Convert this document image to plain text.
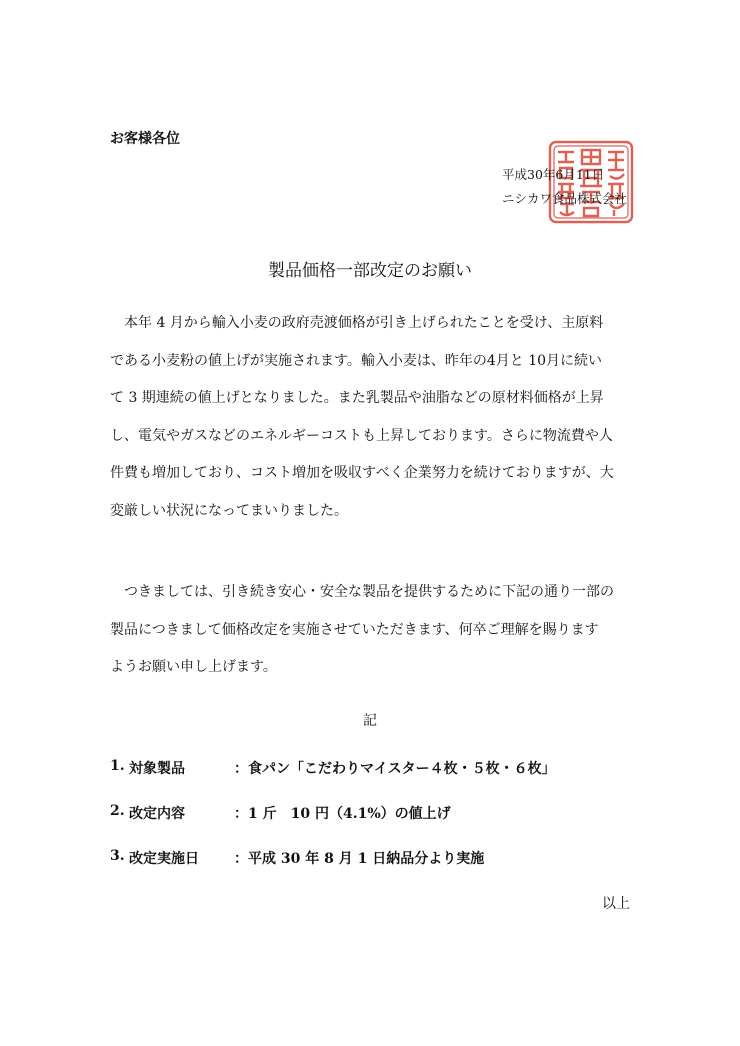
お客様各位

平成30年6月11日
ニシカワ食品株式会社
製品価格一部改定のお願い
本年 4 月から輸入小麦の政府売渡価格が引き上げられたことを受け、主原料
である小麦粉の値上げが実施されます。輸入小麦は、昨年の4月と 10月に続い
て 3 期連続の値上げとなりました。また乳製品や油脂などの原材料価格が上昇
し、電気やガスなどのエネルギーコストも上昇しております。さらに物流費や人
件費も増加しており、コスト増加を吸収すべく企業努力を続けておりますが、大
変厳しい状況になってまいりました。
つきましては、引き続き安心・安全な製品を提供するために下記の通り一部の
製品につきまして価格改定を実施させていただきます、何卒ご理解を賜ります
ようお願い申し上げます。

記

1. 対象製品	：食パン「こだわりマイスター４枚・５枚・６枚」
2. 改定内容	：1 斤　10 円（4.1%）の値上げ
3. 改定実施日	：平成 30 年 8 月 1 日納品分より実施

以上
